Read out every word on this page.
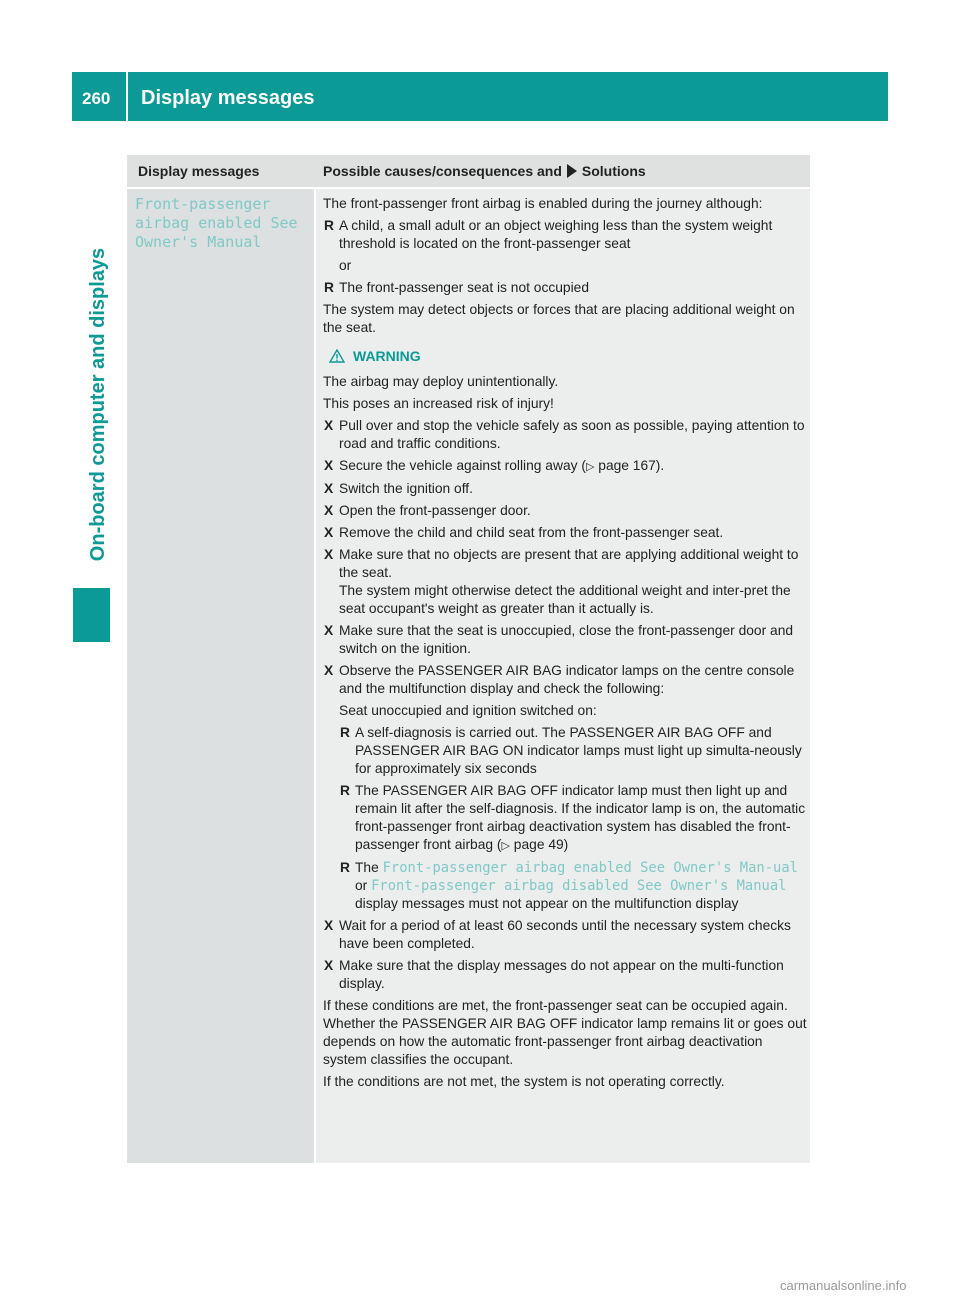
260 Display messages
On-board computer and displays
Display messages	Possible causes/consequences and Solutions
Front-passenger
airbag enabled See
Owner's Manual

The front-passenger front airbag is enabled during the journey although:

R A child, a small adult or an object weighing less than the system weight threshold is located on the front-passenger seat
or
R The front-passenger seat is not occupied

The system may detect objects or forces that are placing additional weight on the seat.

WARNING

The airbag may deploy unintentionally.

This poses an increased risk of injury!

X Pull over and stop the vehicle safely as soon as possible, paying attention to road and traffic conditions.
X Secure the vehicle against rolling away (▷ page 167).
X Switch the ignition off.
X Open the front-passenger door.
X Remove the child and child seat from the front-passenger seat.
X Make sure that no objects are present that are applying additional weight to the seat.
The system might otherwise detect the additional weight and inter-pret the seat occupant's weight as greater than it actually is.
X Make sure that the seat is unoccupied, close the front-passenger door and switch on the ignition.
X Observe the PASSENGER AIR BAG indicator lamps on the centre console and the multifunction display and check the following:
Seat unoccupied and ignition switched on:
R A self-diagnosis is carried out. The PASSENGER AIR BAG OFF and PASSENGER AIR BAG ON indicator lamps must light up simulta-neously for approximately six seconds
R The PASSENGER AIR BAG OFF indicator lamp must then light up and remain lit after the self-diagnosis. If the indicator lamp is on, the automatic front-passenger front airbag deactivation system has disabled the front-passenger front airbag (▷ page 49)
R The Front-passenger airbag enabled See Owner's Man-ual or Front-passenger airbag disabled See Owner's Manual display messages must not appear on the multifunction display
X Wait for a period of at least 60 seconds until the necessary system checks have been completed.
X Make sure that the display messages do not appear on the multi-function display.

If these conditions are met, the front-passenger seat can be occupied again. Whether the PASSENGER AIR BAG OFF indicator lamp remains lit or goes out depends on how the automatic front-passenger front airbag deactivation system classifies the occupant.

If the conditions are not met, the system is not operating correctly.

carmanualsonline.info
